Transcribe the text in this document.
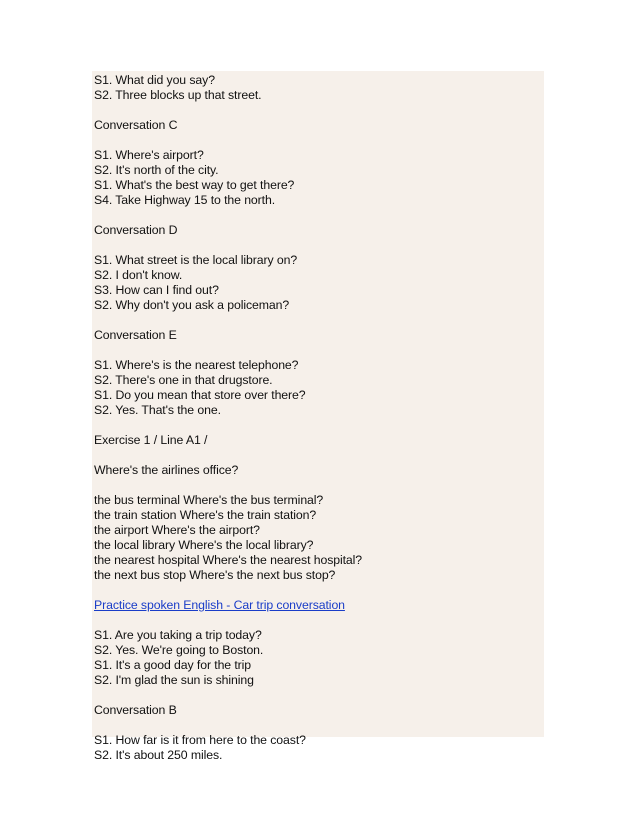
S1. What did you say?
S2. Three blocks up that street.
Conversation C
S1. Where's airport?
S2. It's north of the city.
S1. What's the best way to get there?
S4. Take Highway 15 to the north.
Conversation D
S1. What street is the local library on?
S2. I don't know.
S3. How can I find out?
S2. Why don't you ask a policeman?
Conversation E
S1. Where's is the nearest telephone?
S2. There's one in that drugstore.
S1. Do you mean that store over there?
S2. Yes. That's the one.
Exercise 1 / Line A1 /
Where's the airlines office?
the bus terminal Where's the bus terminal?
the train station Where's the train station?
the airport Where's the airport?
the local library Where's the local library?
the nearest hospital Where's the nearest hospital?
the next bus stop Where's the next bus stop?
Practice spoken English - Car trip conversation
S1. Are you taking a trip today?
S2. Yes. We're going to Boston.
S1. It's a good day for the trip
S2. I'm glad the sun is shining
Conversation B
S1. How far is it from here to the coast?
S2. It's about 250 miles.
